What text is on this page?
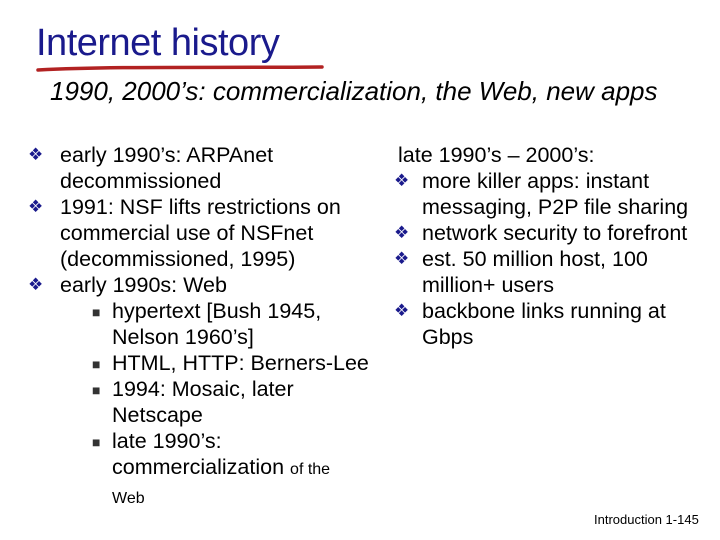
Internet history
1990, 2000’s: commercialization, the Web, new apps
❖ early 1990’s: ARPAnet decommissioned
❖ 1991: NSF lifts restrictions on commercial use of NSFnet (decommissioned, 1995)
❖ early 1990s: Web
■ hypertext [Bush 1945, Nelson 1960’s]
■ HTML, HTTP: Berners-Lee
■ 1994: Mosaic, later Netscape
■ late 1990’s: commercialization of the
Web
late 1990’s – 2000’s:
❖ more killer apps: instant messaging, P2P file sharing
❖ network security to forefront
❖ est. 50 million host, 100 million+ users
❖ backbone links running at Gbps
Introduction 1-145
